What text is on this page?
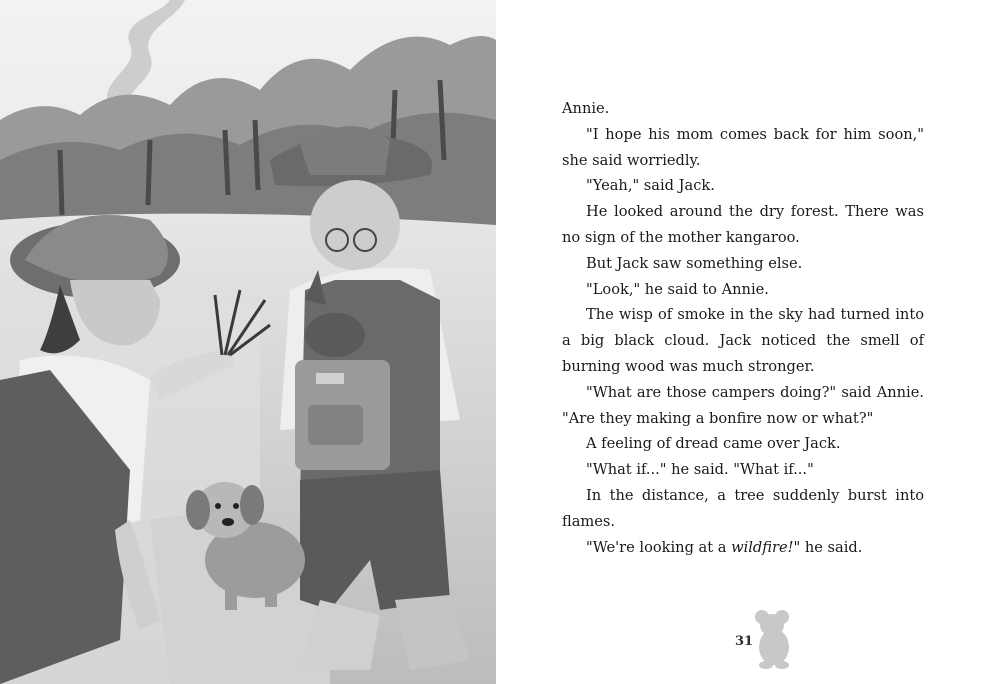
Annie.

"I hope his mom comes back for him soon," she said worriedly.

"Yeah," said Jack.

He looked around the dry forest. There was no sign of the mother kangaroo.

But Jack saw something else.

"Look," he said to Annie.

The wisp of smoke in the sky had turned into a big black cloud. Jack noticed the smell of burning wood was much stronger.

"What are those campers doing?" said Annie. "Are they making a bonfire now or what?"

A feeling of dread came over Jack.

"What if..." he said. "What if..."

In the distance, a tree suddenly burst into flames.

"We're looking at a wildfire!" he said.

31
